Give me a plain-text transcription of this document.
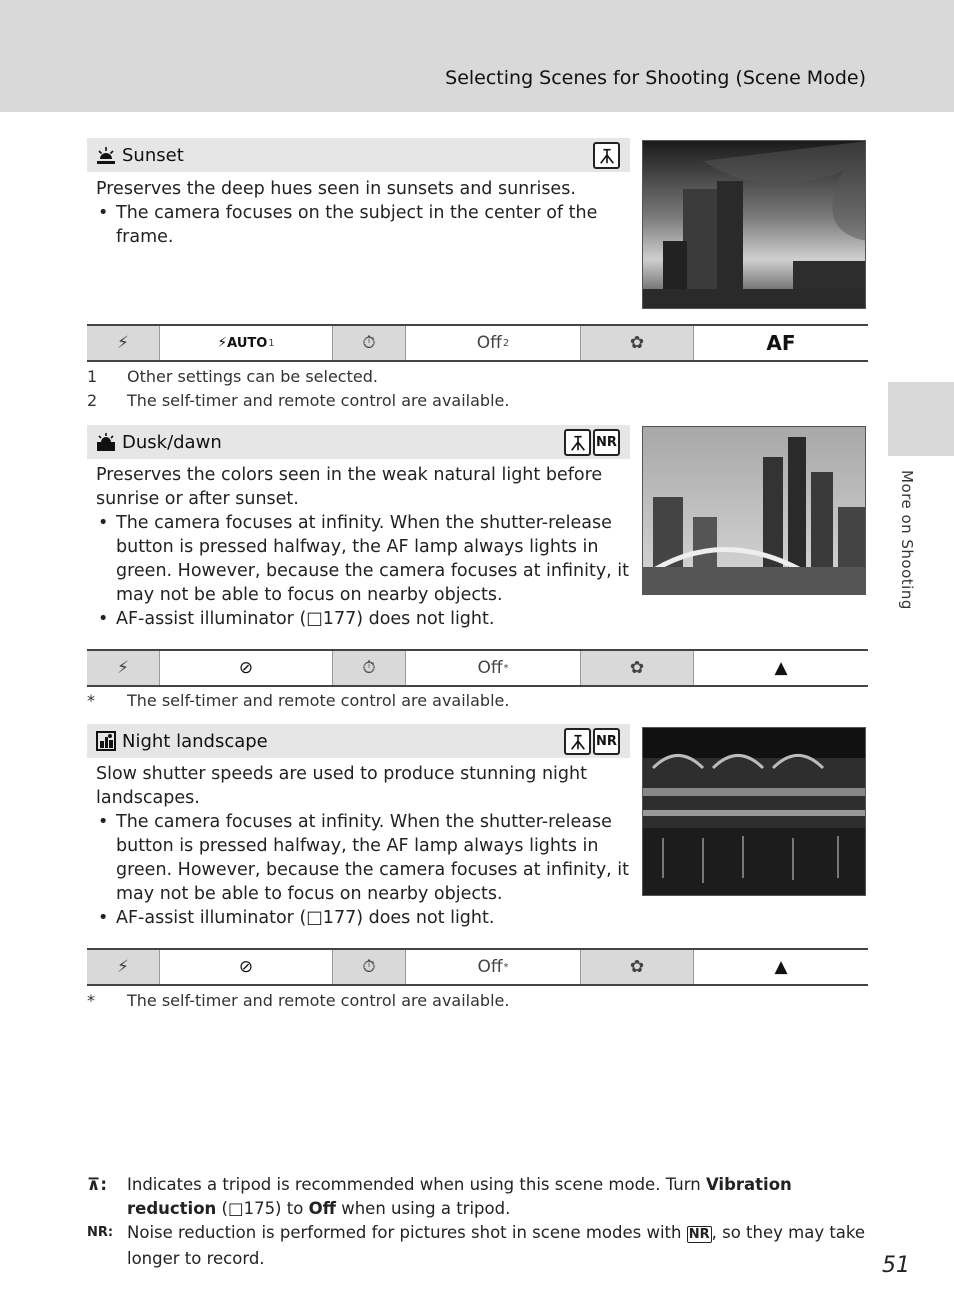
Selecting Scenes for Shooting (Scene Mode)
More on Shooting
Sunset
Preserves the deep hues seen in sunsets and sunrises.
• The camera focuses on the subject in the center of the frame.
⚡	⚡ AUTO 1	⏱	Off 2	✿	AF
1	Other settings can be selected.
2	The self-timer and remote control are available.
Dusk/dawn	NR
Preserves the colors seen in the weak natural light before sunrise or after sunset.
• The camera focuses at infinity. When the shutter-release button is pressed halfway, the AF lamp always lights in green. However, because the camera focuses at infinity, it may not be able to focus on nearby objects.
• AF-assist illuminator (□177) does not light.
⚡	⊘	⏱	Off *	✿	▲
*	The self-timer and remote control are available.
Night landscape	NR
Slow shutter speeds are used to produce stunning night landscapes.
• The camera focuses at infinity. When the shutter-release button is pressed halfway, the AF lamp always lights in green. However, because the camera focuses at infinity, it may not be able to focus on nearby objects.
• AF-assist illuminator (□177) does not light.
⚡	⊘	⏱	Off *	✿	▲
*	The self-timer and remote control are available.
⊼:	Indicates a tripod is recommended when using this scene mode. Turn Vibration reduction (□175) to Off when using a tripod.
NR: Noise reduction is performed for pictures shot in scene modes with NR , so they may take longer to record.	51
